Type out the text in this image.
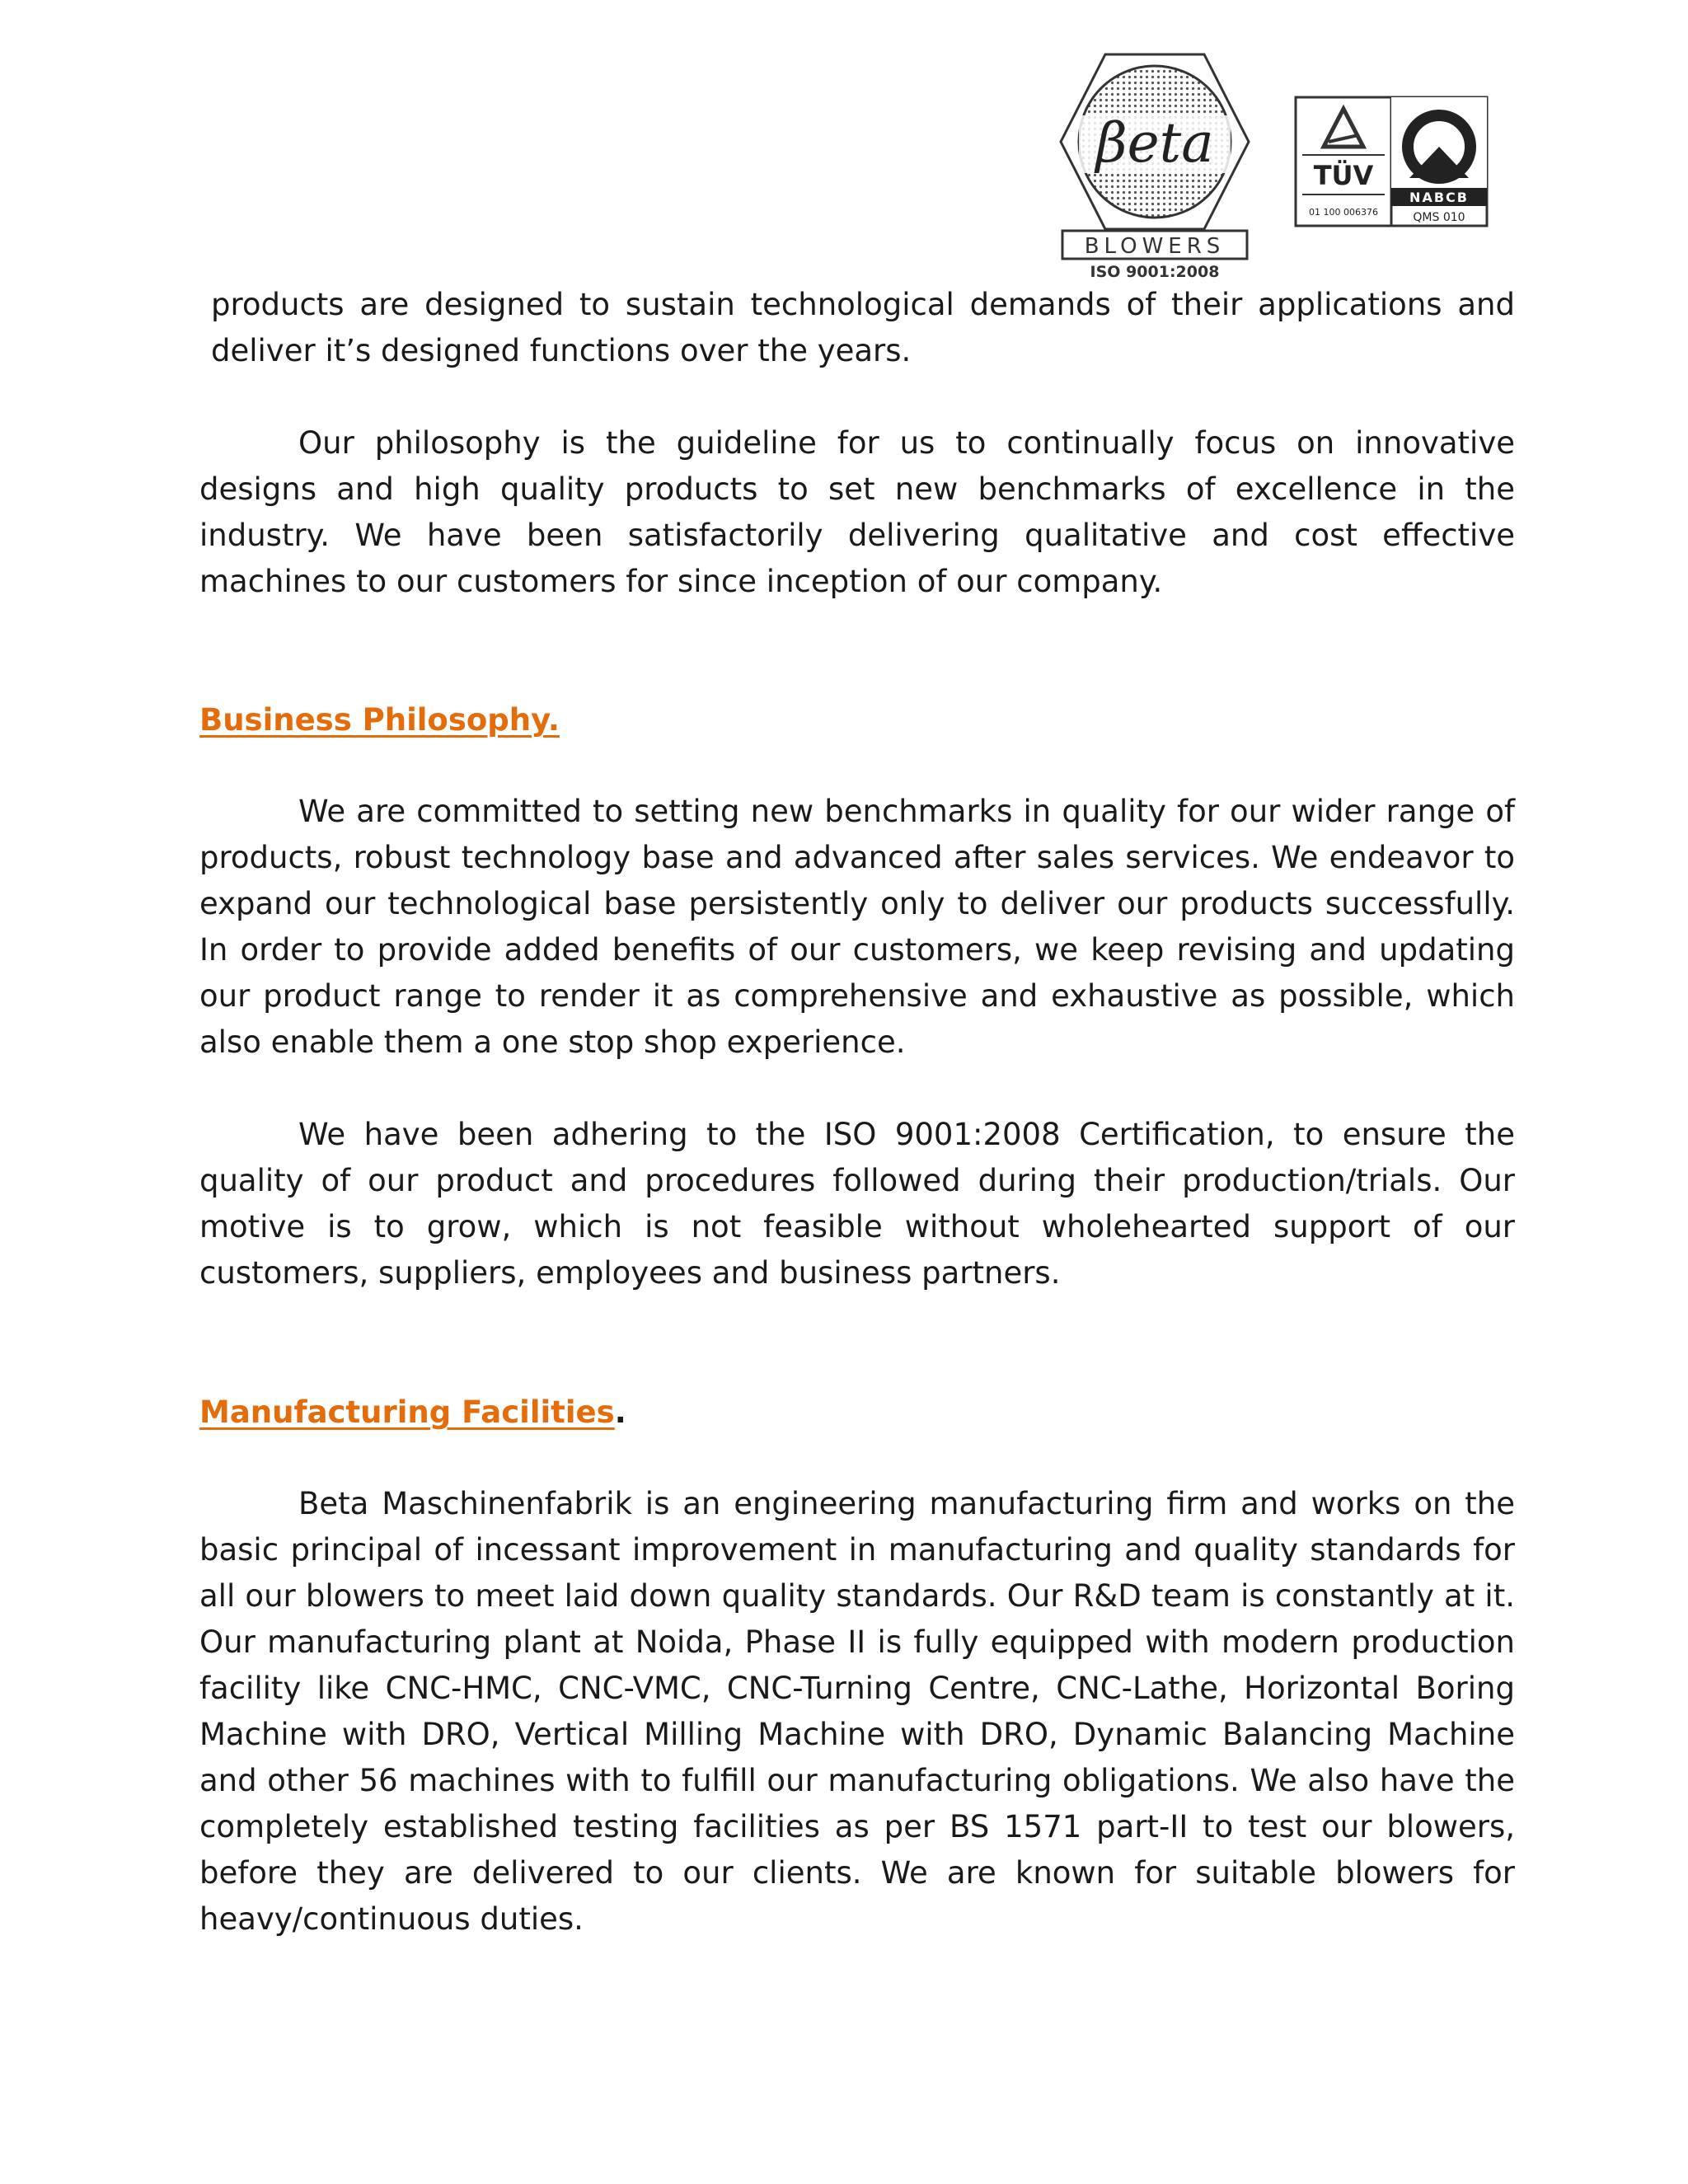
βeta
BLOWERS
ISO 9001:2008
TÜV
01 100 006376
NABCB
QMS 010

products are designed to sustain technological demands of their applications and deliver it’s designed functions over the years.

Our philosophy is the guideline for us to continually focus on innovative designs and high quality products to set new benchmarks of excellence in the industry. We have been satisfactorily delivering qualitative and cost effective machines to our customers for since inception of our company.

Business Philosophy.

We are committed to setting new benchmarks in quality for our wider range of products, robust technology base and advanced after sales services. We endeavor to expand our technological base persistently only to deliver our products successfully. In order to provide added benefits of our customers, we keep revising and updating our product range to render it as comprehensive and exhaustive as possible, which also enable them a one stop shop experience.

We have been adhering to the ISO 9001:2008 Certification, to ensure the quality of our product and procedures followed during their production/trials. Our motive is to grow, which is not feasible without wholehearted support of our customers, suppliers, employees and business partners.

Manufacturing Facilities.

Beta Maschinenfabrik is an engineering manufacturing firm and works on the basic principal of incessant improvement in manufacturing and quality standards for all our blowers to meet laid down quality standards. Our R&D team is constantly at it. Our manufacturing plant at Noida, Phase II is fully equipped with modern production facility like CNC-HMC, CNC-VMC, CNC-Turning Centre, CNC-Lathe, Horizontal Boring Machine with DRO, Vertical Milling Machine with DRO, Dynamic Balancing Machine and other 56 machines with to fulfill our manufacturing obligations. We also have the completely established testing facilities as per BS 1571 part-II to test our blowers, before they are delivered to our clients. We are known for suitable blowers for heavy/continuous duties.
